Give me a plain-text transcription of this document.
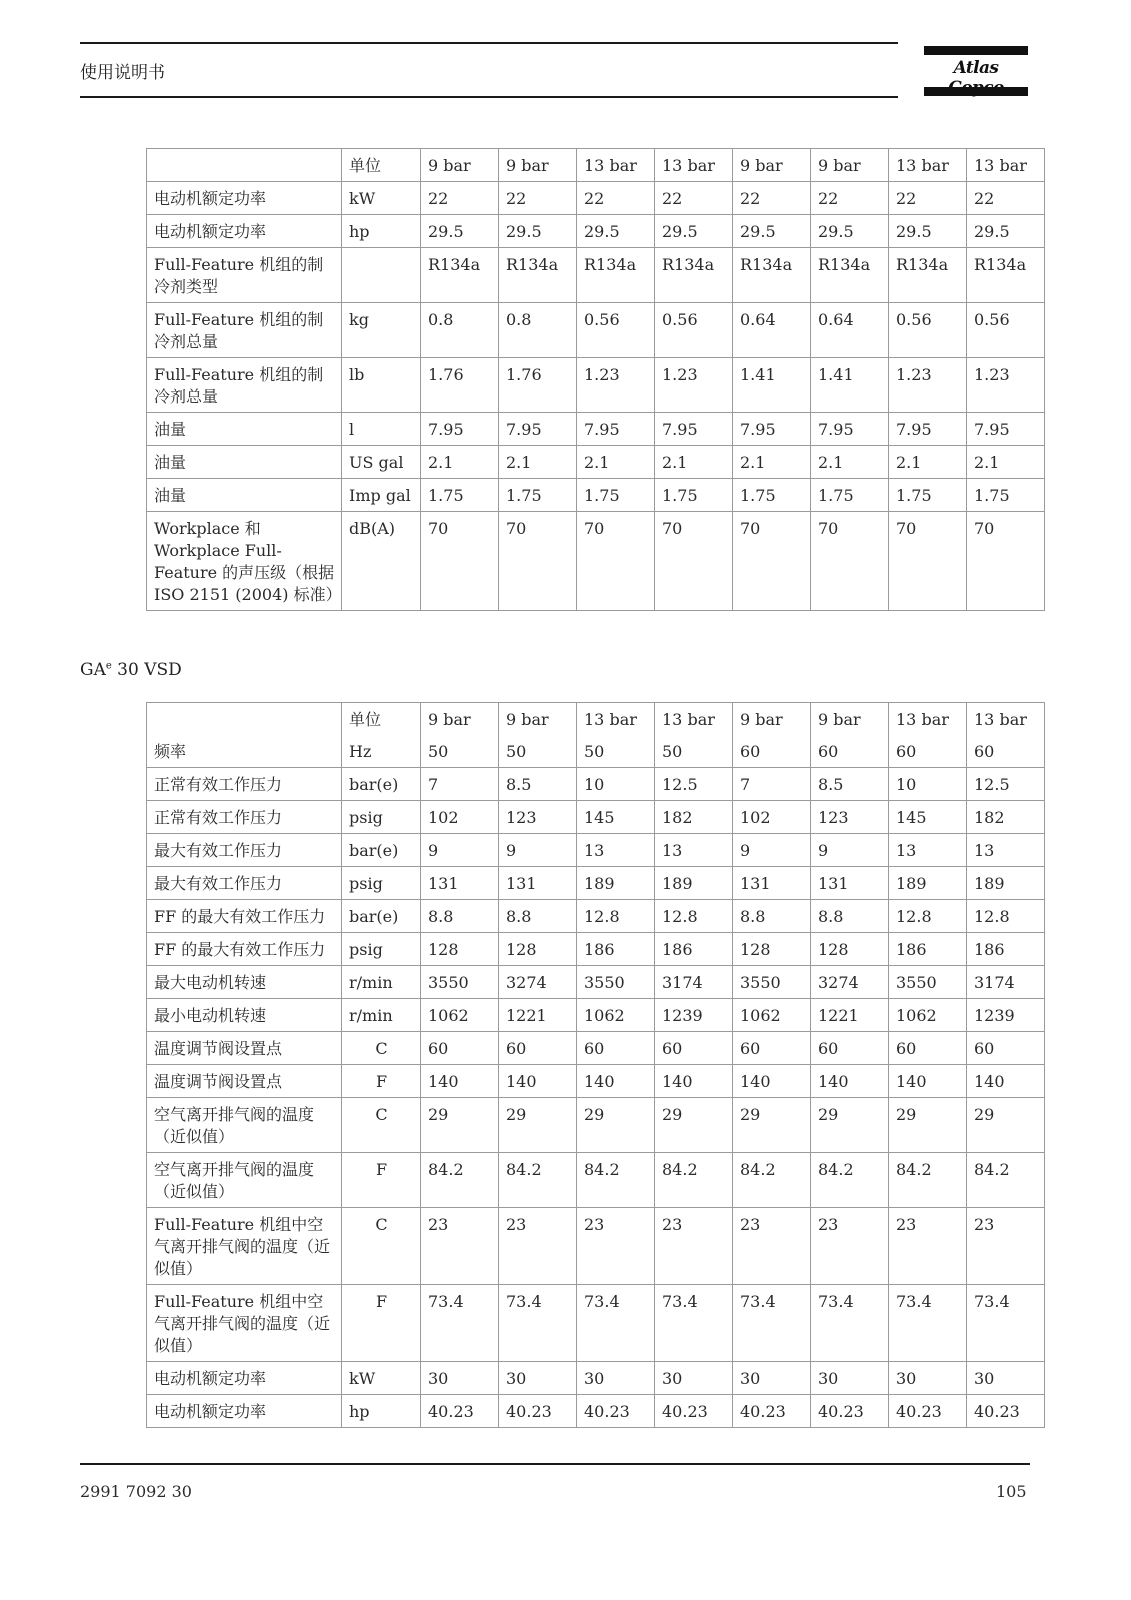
使用说明书	Atlas
	单位	9 bar	9 bar	13 bar	13 bar	9 bar	9 bar	13 bar	13 bar
电动机额定功率	kW	22	22	22	22	22	22	22	22
电动机额定功率	hp	29.5	29.5	29.5	29.5	29.5	29.5	29.5	29.5
Full-Feature 机组的制冷剂类型		R134a	R134a	R134a	R134a	R134a	R134a	R134a	R134a
Full-Feature 机组的制冷剂总量	kg	0.8	0.8	0.56	0.56	0.64	0.64	0.56	0.56
Full-Feature 机组的制冷剂总量	lb	1.76	1.76	1.23	1.23	1.41	1.41	1.23	1.23
油量	l	7.95	7.95	7.95	7.95	7.95	7.95	7.95	7.95
油量	US gal	2.1	2.1	2.1	2.1	2.1	2.1	2.1	2.1
油量	Imp gal	1.75	1.75	1.75	1.75	1.75	1.75	1.75	1.75
Workplace 和 Workplace Full-Feature 的声压级（根据 ISO 2151 (2004) 标准）	dB(A)	70	70	70	70	70	70	70	70
$GA^e$ 30 VSD
	单位	9 bar	9 bar	13 bar	13 bar	9 bar	9 bar	13 bar	13 bar
频率	Hz	50	50	50	50	60	60	60	60
正常有效工作压力	bar(e)	7	8.5	10	12.5	7	8.5	10	12.5
正常有效工作压力	psig	102	123	145	182	102	123	145	182
最大有效工作压力	bar(e)	9	9	13	13	9	9	13	13
最大有效工作压力	psig	131	131	189	189	131	131	189	189
FF 的最大有效工作压力	bar(e)	8.8	8.8	12.8	12.8	8.8	8.8	12.8	12.8
FF 的最大有效工作压力	psig	128	128	186	186	128	128	186	186
最大电动机转速	r/min	3550	3274	3550	3174	3550	3274	3550	3174
最小电动机转速	r/min	1062	1221	1062	1239	1062	1221	1062	1239
温度调节阀设置点	C	60	60	60	60	60	60	60	60
温度调节阀设置点	F	140	140	140	140	140	140	140	140
空气离开排气阀的温度（近似值）	C	29	29	29	29	29	29	29	29
空气离开排气阀的温度（近似值）	F	84.2	84.2	84.2	84.2	84.2	84.2	84.2	84.2
Full-Feature 机组中空气离开排气阀的温度（近似值）	C	23	23	23	23	23	23	23	23
Full-Feature 机组中空气离开排气阀的温度（近似值）	F	73.4	73.4	73.4	73.4	73.4	73.4	73.4	73.4
电动机额定功率	kW	30	30	30	30	30	30	30	30
电动机额定功率	hp	40.23	40.23	40.23	40.23	40.23	40.23	40.23	40.23
2991 7092 30	105
